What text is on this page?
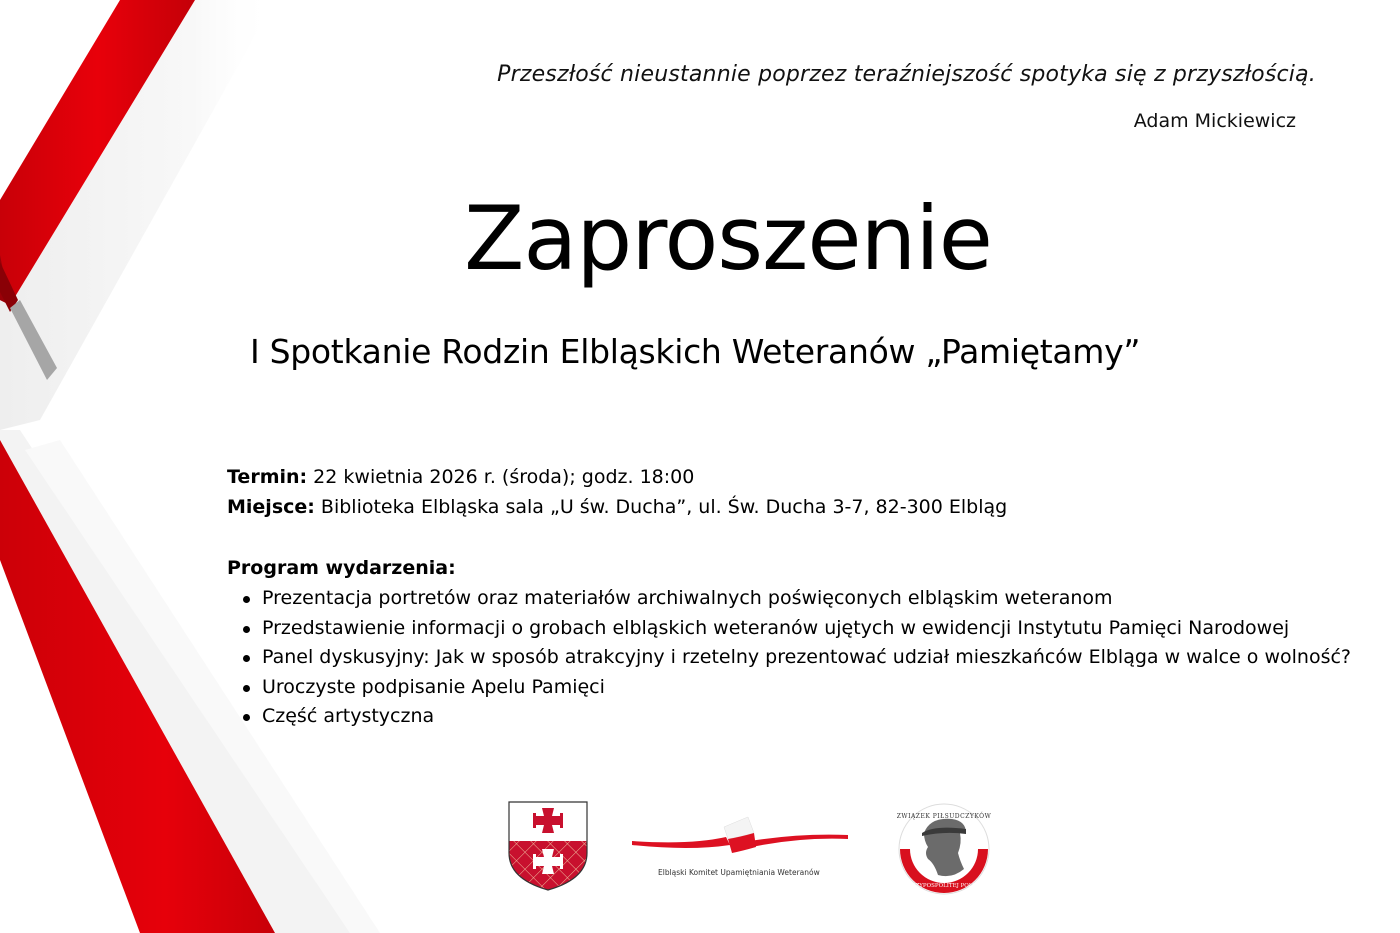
Przeszłość nieustannie poprzez teraźniejszość spotyka się z przyszłością.
Adam Mickiewicz
Zaproszenie
I Spotkanie Rodzin Elbląskich Weteranów „Pamiętamy”
Termin: 22 kwietnia 2026 r. (środa); godz. 18:00
Miejsce: Biblioteka Elbląska sala „U św. Ducha”, ul. Św. Ducha 3-7, 82-300 Elbląg
Program wydarzenia:
Prezentacja portretów oraz materiałów archiwalnych poświęconych elbląskim weteranom
Przedstawienie informacji o grobach elbląskich weteranów ujętych w ewidencji Instytutu Pamięci Narodowej
Panel dyskusyjny: Jak w sposób atrakcyjny i rzetelny prezentować udział mieszkańców Elbląga w walce o wolność?
Uroczyste podpisanie Apelu Pamięci
Część artystyczna
Elbląski Komitet Upamiętniania Weteranów
ZWIĄZEK PIŁSUDCZYKÓW
RZECZYPOSPOLITEJ POLSKIEJ
